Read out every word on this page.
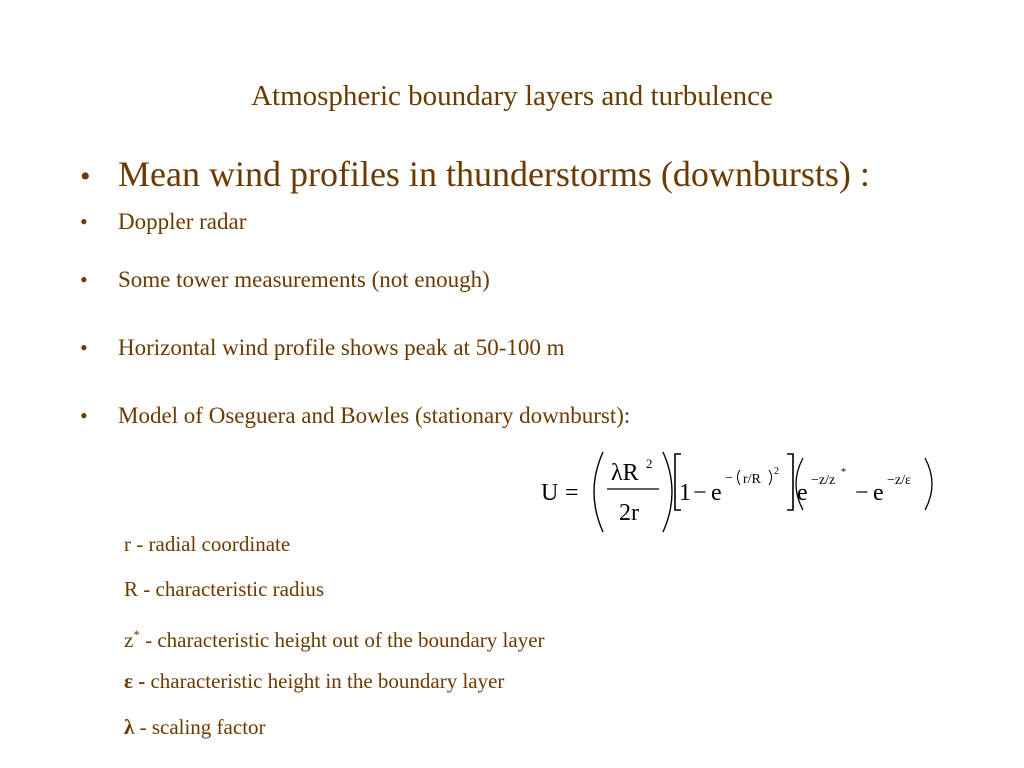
Atmospheric boundary layers and turbulence
• Mean wind profiles in thunderstorms (downbursts) :
•	Doppler radar
•	Some tower measurements (not enough)
•	Horizontal wind profile shows peak at 50-100 m
•	Model of Oseguera and Bowles (stationary downburst):
U =
λR 2
2r
1 − e
− r/R
2
e −z/z
*
− e −z/ε
r - radial coordinate
R - characteristic radius
z* - characteristic height out of the boundary layer
ε - characteristic height in the boundary layer
λ - scaling factor
